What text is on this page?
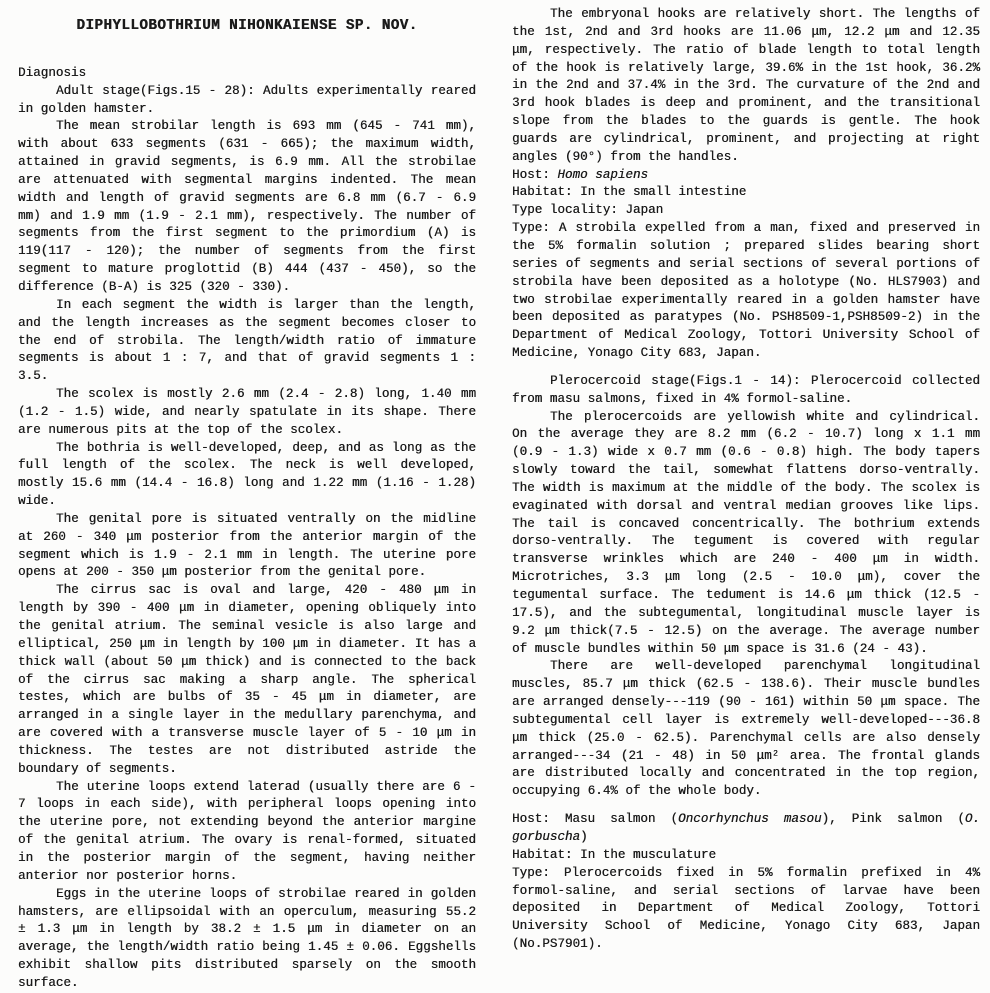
DIPHYLLOBOTHRIUM NIHONKAIENSE SP. NOV.
Diagnosis

Adult stage(Figs.15 - 28): Adults experimentally reared in golden hamster.

The mean strobilar length is 693 mm (645 - 741 mm), with about 633 segments (631 - 665); the maximum width, attained in gravid segments, is 6.9 mm. All the strobilae are attenuated with segmental margins indented. The mean width and length of gravid segments are 6.8 mm (6.7 - 6.9 mm) and 1.9 mm (1.9 - 2.1 mm), respectively. The number of segments from the first segment to the primordium (A) is 119(117 - 120); the number of segments from the first segment to mature proglottid (B) 444 (437 - 450), so the difference (B-A) is 325 (320 - 330).

In each segment the width is larger than the length, and the length increases as the segment becomes closer to the end of strobila. The length/width ratio of immature segments is about 1 : 7, and that of gravid segments 1 : 3.5.

The scolex is mostly 2.6 mm (2.4 - 2.8) long, 1.40 mm (1.2 - 1.5) wide, and nearly spatulate in its shape. There are numerous pits at the top of the scolex.

The bothria is well-developed, deep, and as long as the full length of the scolex. The neck is well developed, mostly 15.6 mm (14.4 - 16.8) long and 1.22 mm (1.16 - 1.28) wide.

The genital pore is situated ventrally on the midline at 260 - 340 μm posterior from the anterior margin of the segment which is 1.9 - 2.1 mm in length. The uterine pore opens at 200 - 350 μm posterior from the genital pore.

The cirrus sac is oval and large, 420 - 480 μm in length by 390 - 400 μm in diameter, opening obliquely into the genital atrium. The seminal vesicle is also large and elliptical, 250 μm in length by 100 μm in diameter. It has a thick wall (about 50 μm thick) and is connected to the back of the cirrus sac making a sharp angle. The spherical testes, which are bulbs of 35 - 45 μm in diameter, are arranged in a single layer in the medullary parenchyma, and are covered with a transverse muscle layer of 5 - 10 μm in thickness. The testes are not distributed astride the boundary of segments.

The uterine loops extend laterad (usually there are 6 - 7 loops in each side), with peripheral loops opening into the uterine pore, not extending beyond the anterior margine of the genital atrium. The ovary is renal-formed, situated in the posterior margin of the segment, having neither anterior nor posterior horns.

Eggs in the uterine loops of strobilae reared in golden hamsters, are ellipsoidal with an operculum, measuring 55.2 ± 1.3 μm in length by 38.2 ± 1.5 μm in diameter on an average, the length/width ratio being 1.45 ± 0.06. Eggshells exhibit shallow pits distributed sparsely on the smooth surface.

The embryonal hooks are relatively short. The lengths of the 1st, 2nd and 3rd hooks are 11.06 μm, 12.2 μm and 12.35 μm, respectively. The ratio of blade length to total length of the hook is relatively large, 39.6% in the 1st hook, 36.2% in the 2nd and 37.4% in the 3rd. The curvature of the 2nd and 3rd hook blades is deep and prominent, and the transitional slope from the blades to the guards is gentle. The hook guards are cylindrical, prominent, and projecting at right angles (90°) from the handles.

Host: Homo sapiens

Habitat: In the small intestine

Type locality: Japan

Type: A strobila expelled from a man, fixed and preserved in the 5% formalin solution ; prepared slides bearing short series of segments and serial sections of several portions of strobila have been deposited as a holotype (No. HLS7903) and two strobilae experimentally reared in a golden hamster have been deposited as paratypes (No. PSH8509-1,PSH8509-2) in the Department of Medical Zoology, Tottori University School of Medicine, Yonago City 683, Japan.

Plerocercoid stage(Figs.1 - 14): Plerocercoid collected from masu salmons, fixed in 4% formol-saline.

The plerocercoids are yellowish white and cylindrical. On the average they are 8.2 mm (6.2 - 10.7) long x 1.1 mm (0.9 - 1.3) wide x 0.7 mm (0.6 - 0.8) high. The body tapers slowly toward the tail, somewhat flattens dorso-ventrally. The width is maximum at the middle of the body. The scolex is evaginated with dorsal and ventral median grooves like lips. The tail is concaved concentrically. The bothrium extends dorso-ventrally. The tegument is covered with regular transverse wrinkles which are 240 - 400 μm in width. Microtriches, 3.3 μm long (2.5 - 10.0 μm), cover the tegumental surface. The tedument is 14.6 μm thick (12.5 - 17.5), and the subtegumental, longitudinal muscle layer is 9.2 μm thick(7.5 - 12.5) on the average. The average number of muscle bundles within 50 μm space is 31.6 (24 - 43).

There are well-developed parenchymal longitudinal muscles, 85.7 μm thick (62.5 - 138.6). Their muscle bundles are arranged densely---119 (90 - 161) within 50 μm space. The subtegumental cell layer is extremely well-developed---36.8 μm thick (25.0 - 62.5). Parenchymal cells are also densely arranged---34 (21 - 48) in 50 μm² area. The frontal glands are distributed locally and concentrated in the top region, occupying 6.4% of the whole body.

Host: Masu salmon (Oncorhynchus masou), Pink salmon (O. gorbuscha)

Habitat: In the musculature

Type: Plerocercoids fixed in 5% formalin prefixed in 4% formol-saline, and serial sections of larvae have been deposited in Department of Medical Zoology, Tottori University School of Medicine, Yonago City 683, Japan (No.PS7901).
